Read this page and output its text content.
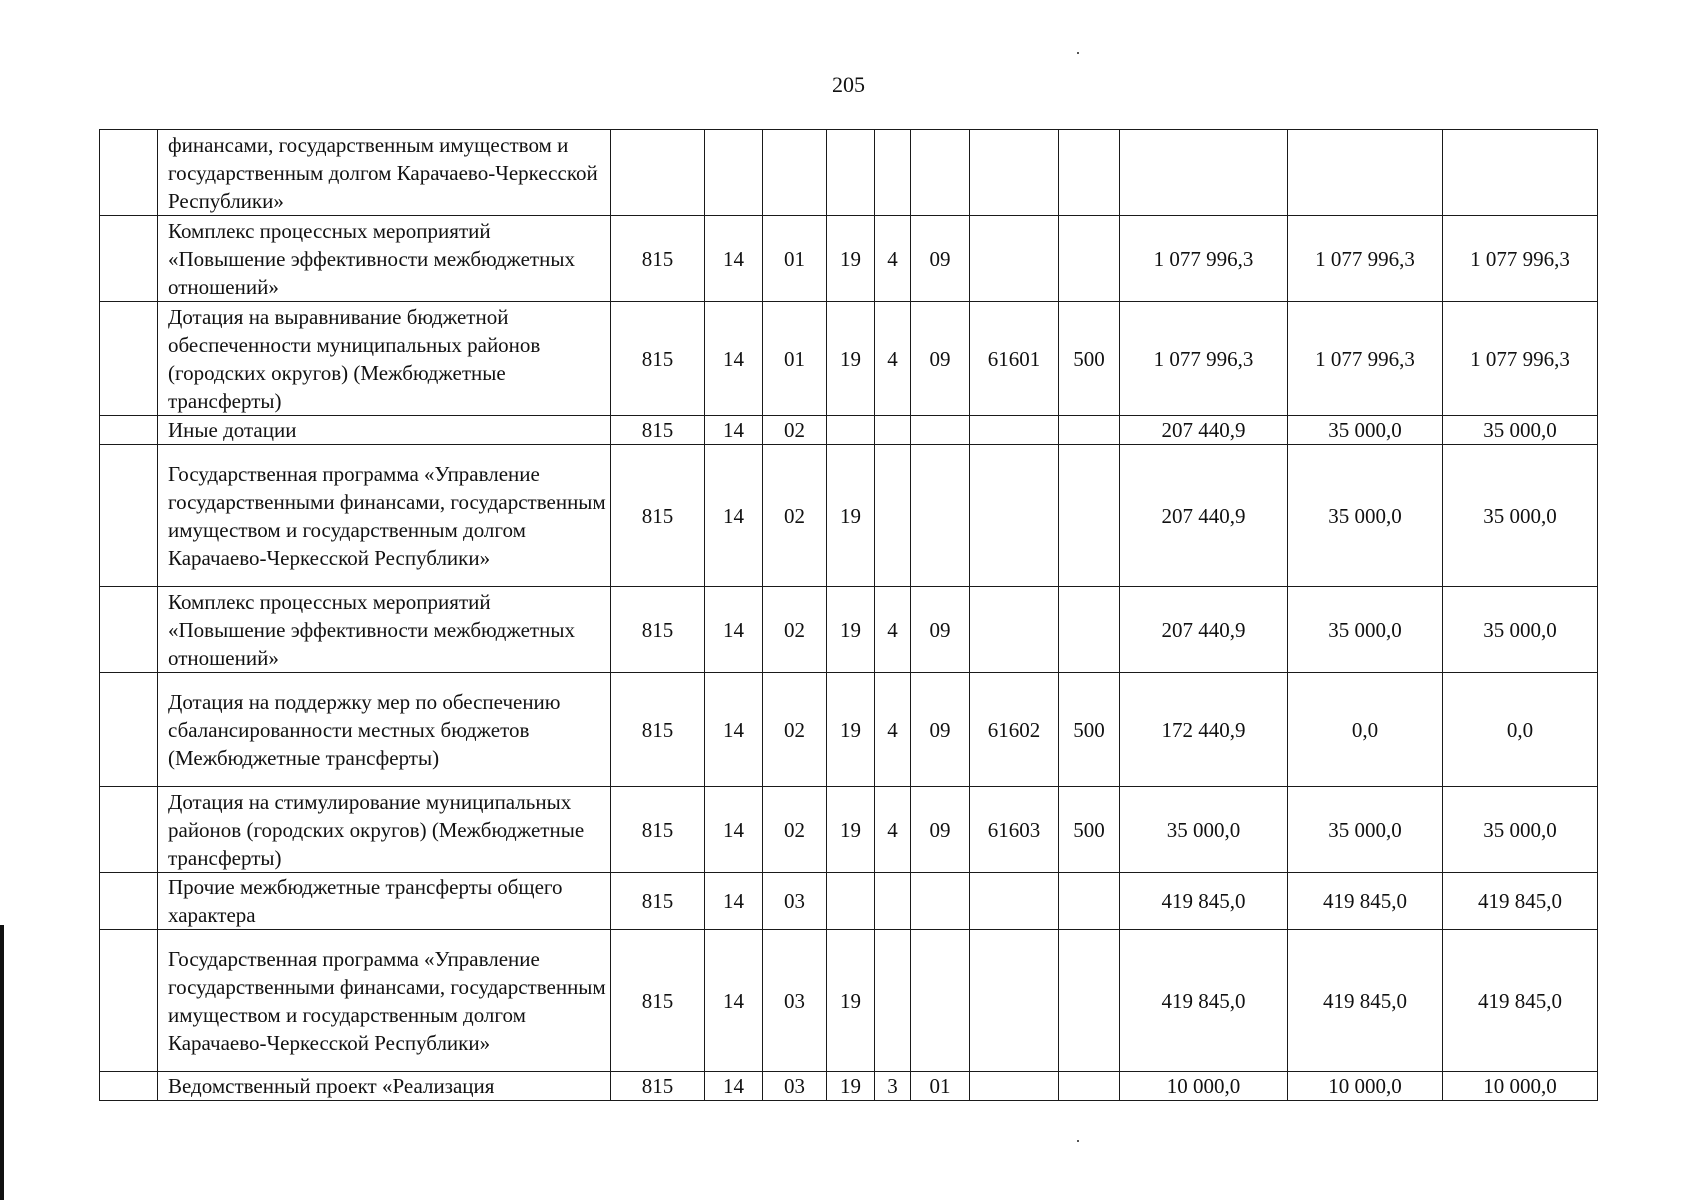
205
	финансами, государственным имуществом и государственным долгом Карачаево-Черкесской Республики»											
	Комплекс процессных мероприятий «Повышение эффективности межбюджетных отношений»	815	14	01	19	4	09			1 077 996,3	1 077 996,3	1 077 996,3
	Дотация на выравнивание бюджетной обеспеченности муниципальных районов (городских округов) (Межбюджетные трансферты)	815	14	01	19	4	09	61601	500	1 077 996,3	1 077 996,3	1 077 996,3
	Иные дотации	815	14	02						207 440,9	35 000,0	35 000,0
	Государственная программа «Управление государственными финансами, государственным имуществом и государственным долгом Карачаево-Черкесской Республики»	815	14	02	19					207 440,9	35 000,0	35 000,0
	Комплекс процессных мероприятий «Повышение эффективности межбюджетных отношений»	815	14	02	19	4	09			207 440,9	35 000,0	35 000,0
	Дотация на поддержку мер по обеспечению сбалансированности местных бюджетов (Межбюджетные трансферты)	815	14	02	19	4	09	61602	500	172 440,9	0,0	0,0
	Дотация на стимулирование муниципальных районов (городских округов) (Межбюджетные трансферты)	815	14	02	19	4	09	61603	500	35 000,0	35 000,0	35 000,0
	Прочие межбюджетные трансферты общего характера	815	14	03						419 845,0	419 845,0	419 845,0
	Государственная программа «Управление государственными финансами, государственным имуществом и государственным долгом Карачаево-Черкесской Республики»	815	14	03	19					419 845,0	419 845,0	419 845,0
	Ведомственный проект «Реализация	815	14	03	19	3	01			10 000,0	10 000,0	10 000,0
